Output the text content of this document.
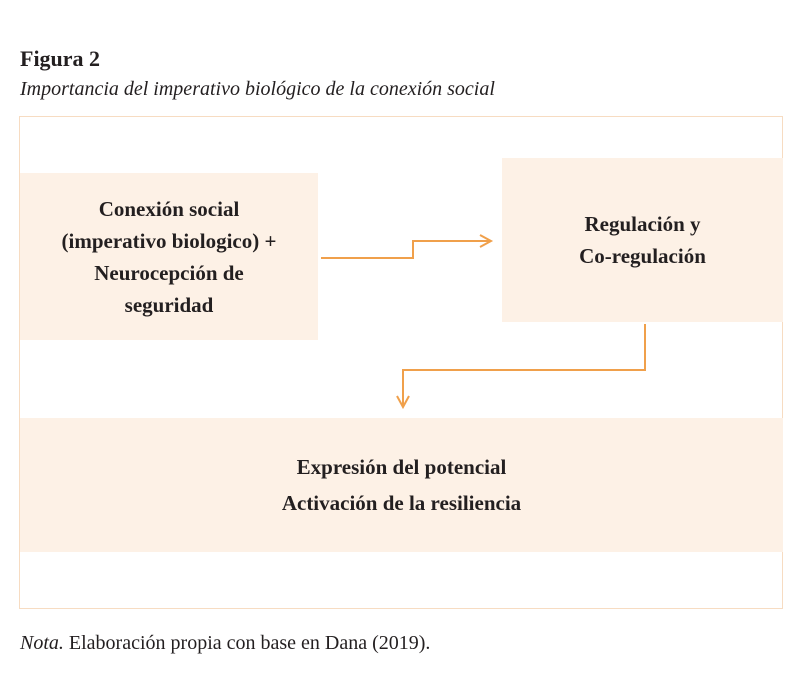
Figura 2
Importancia del imperativo biológico de la conexión social
Conexión social
(imperativo biologico) +
Neurocepción de
seguridad
Regulación y
Co-regulación
Expresión del potencial
Activación de la resiliencia
Nota. Elaboración propia con base en Dana (2019).
